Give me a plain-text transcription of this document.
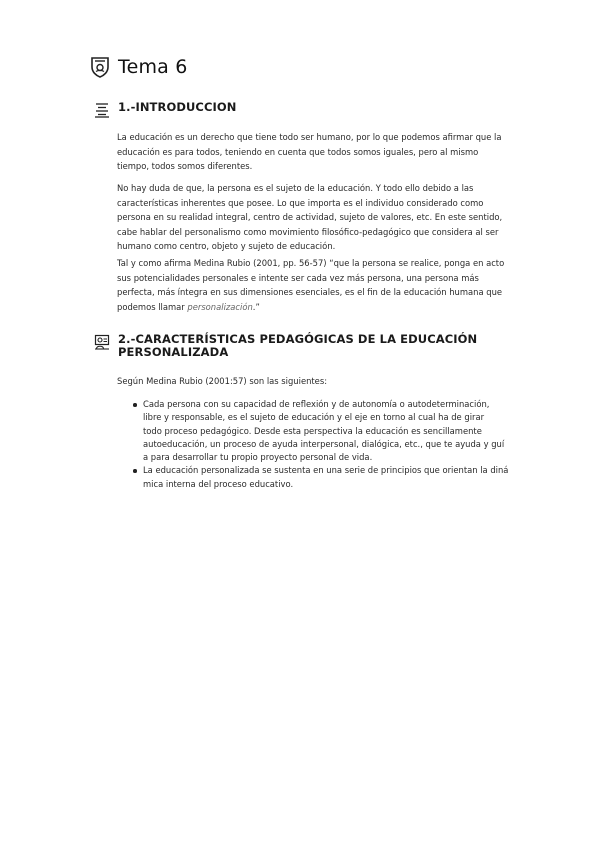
Tema 6
1.-INTRODUCCION
La educación es un derecho que tiene todo ser humano, por lo que podemos afirmar que la
educación es para todos, teniendo en cuenta que todos somos iguales, pero al mismo
tiempo, todos somos diferentes.
No hay duda de que, la persona es el sujeto de la educación. Y todo ello debido a las
características inherentes que posee. Lo que importa es el individuo considerado como
persona en su realidad integral, centro de actividad, sujeto de valores, etc. En este sentido,
cabe hablar del personalismo como movimiento filosófico-pedagógico que considera al ser
humano como centro, objeto y sujeto de educación.
Tal y como afirma Medina Rubio (2001, pp. 56-57) “que la persona se realice, ponga en acto
sus potencialidades personales e intente ser cada vez más persona, una persona más
perfecta, más íntegra en sus dimensiones esenciales, es el fin de la educación humana que
podemos llamar personalización.”
2.-CARACTERÍSTICAS PEDAGÓGICAS DE LA EDUCACIÓN
PERSONALIZADA
Según Medina Rubio (2001:57) son las siguientes:
Cada persona con su capacidad de reflexión y de autonomía o autodeterminación,
libre y responsable, es el sujeto de educación y el eje en torno al cual ha de girar
todo proceso pedagógico. Desde esta perspectiva la educación es sencillamente
autoeducación, un proceso de ayuda interpersonal, dialógica, etc., que te ayuda y guí
a para desarrollar tu propio proyecto personal de vida.
La educación personalizada se sustenta en una serie de principios que orientan la diná
mica interna del proceso educativo.
